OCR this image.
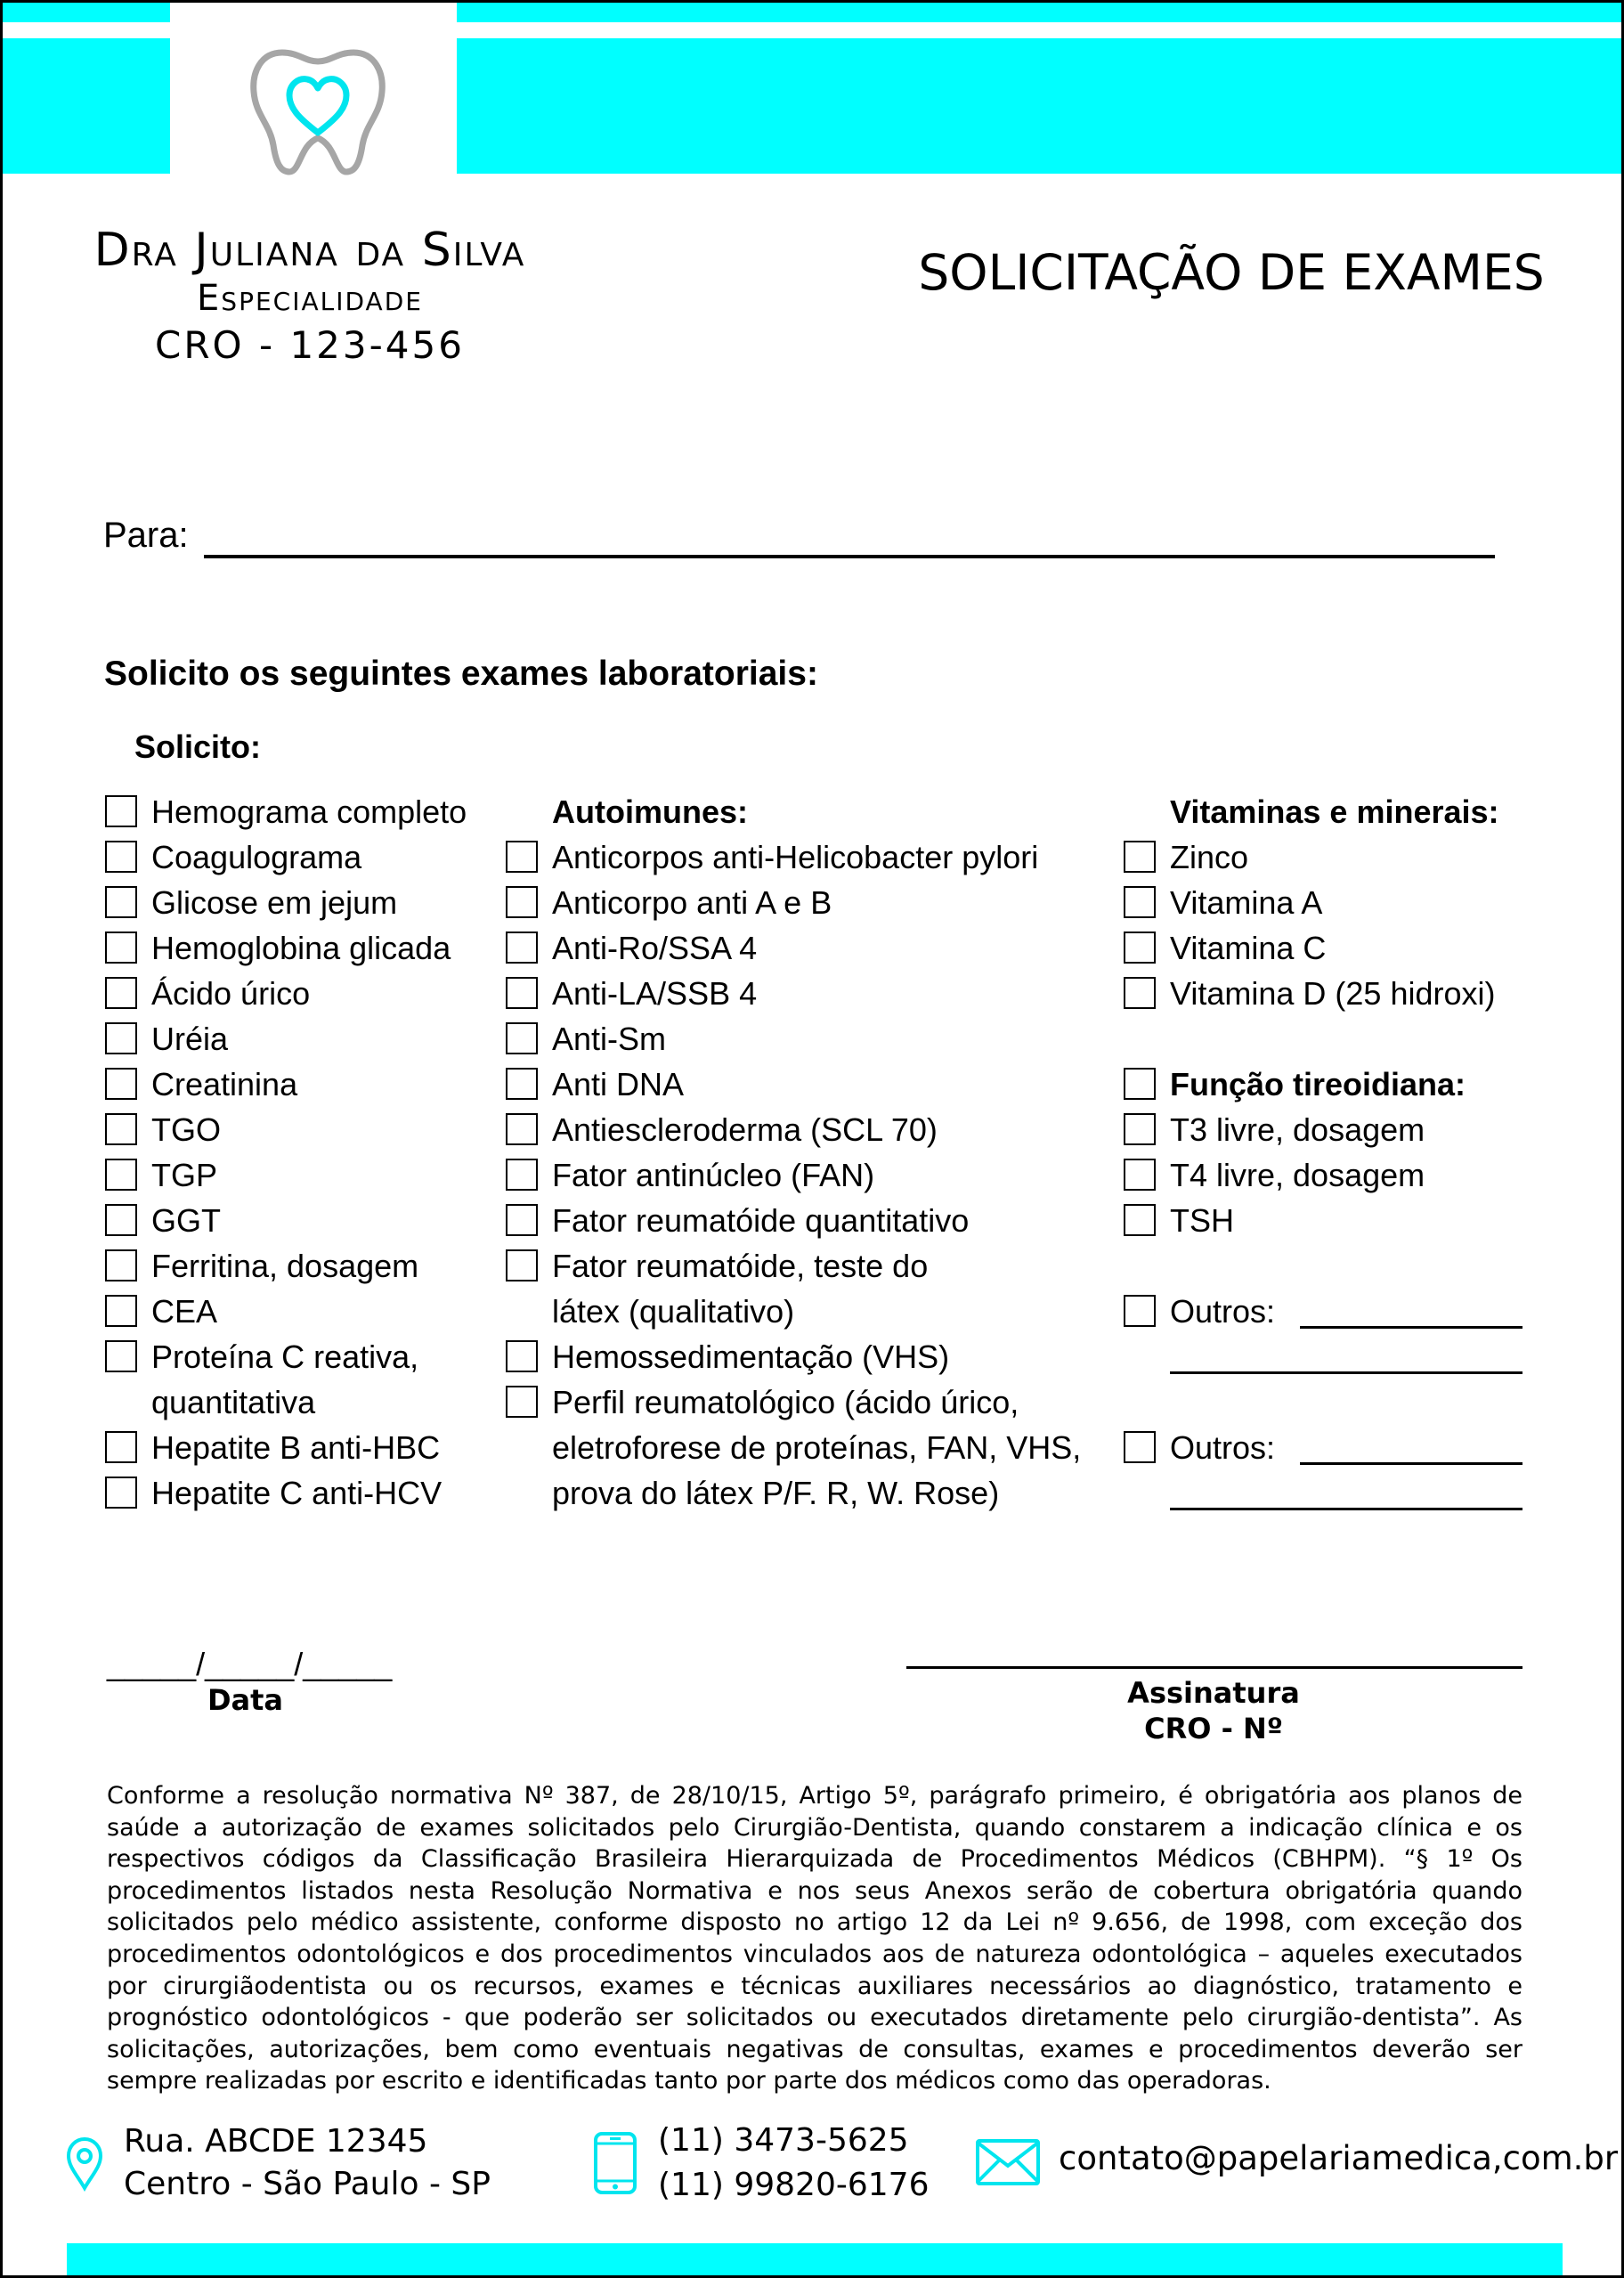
Dra Juliana da Silva
Especialidade
CRO - 123-456
SOLICITAÇÃO DE EXAMES
Para:
Solicito os seguintes exames laboratoriais:
Solicito:
Hemograma completo
Coagulograma
Glicose em jejum
Hemoglobina glicada
Ácido úrico
Uréia
Creatinina
TGO
TGP
GGT
Ferritina, dosagem
CEA
Proteína C reativa,
quantitativa
Hepatite B anti-HBC
Hepatite C anti-HCV
Autoimunes:
Anticorpos anti-Helicobacter pylori
Anticorpo anti A e B
Anti-Ro/SSA 4
Anti-LA/SSB 4
Anti-Sm
Anti DNA
Antiescleroderma (SCL 70)
Fator antinúcleo (FAN)
Fator reumatóide quantitativo
Fator reumatóide, teste do
látex (qualitativo)
Hemossedimentação (VHS)
Perfil reumatológico (ácido úrico,
eletroforese de proteínas, FAN, VHS,
prova do látex P/F. R, W. Rose)
Vitaminas e minerais:
Zinco
Vitamina A
Vitamina C
Vitamina D (25 hidroxi)
Função tireoidiana:
T3 livre, dosagem
T4 livre, dosagem
TSH
Outros:
Outros:
_____/_____/_____
Data	Assinatura
CRO - Nº
Conforme a resolução normativa Nº 387, de 28/10/15, Artigo 5º, parágrafo primeiro, é obrigatória aos planos de saúde a autorização de exames solicitados pelo Cirurgião-Dentista, quando constarem a indicação clínica e os respectivos códigos da Classificação Brasileira Hierarquizada de Procedimentos Médicos (CBHPM). “§ 1º Os procedimentos listados nesta Resolução Normativa e nos seus Anexos serão de cobertura obrigatória quando solicitados pelo médico assistente, conforme disposto no artigo 12 da Lei nº 9.656, de 1998, com exceção dos procedimentos odontológicos e dos procedimentos vinculados aos de natureza odontológica – aqueles executados por cirurgiãodentista ou os recursos, exames e técnicas auxiliares necessários ao diagnóstico, tratamento e prognóstico odontológicos - que poderão ser solicitados ou executados diretamente pelo cirurgião-dentista”. As solicitações, autorizações, bem como eventuais negativas de consultas, exames e procedimentos deverão ser sempre realizadas por escrito e identificadas tanto por parte dos médicos como das operadoras.
Rua. ABCDE 12345
Centro - São Paulo - SP
(11) 3473-5625
(11) 99820-6176
contato@papelariamedica,com.br
